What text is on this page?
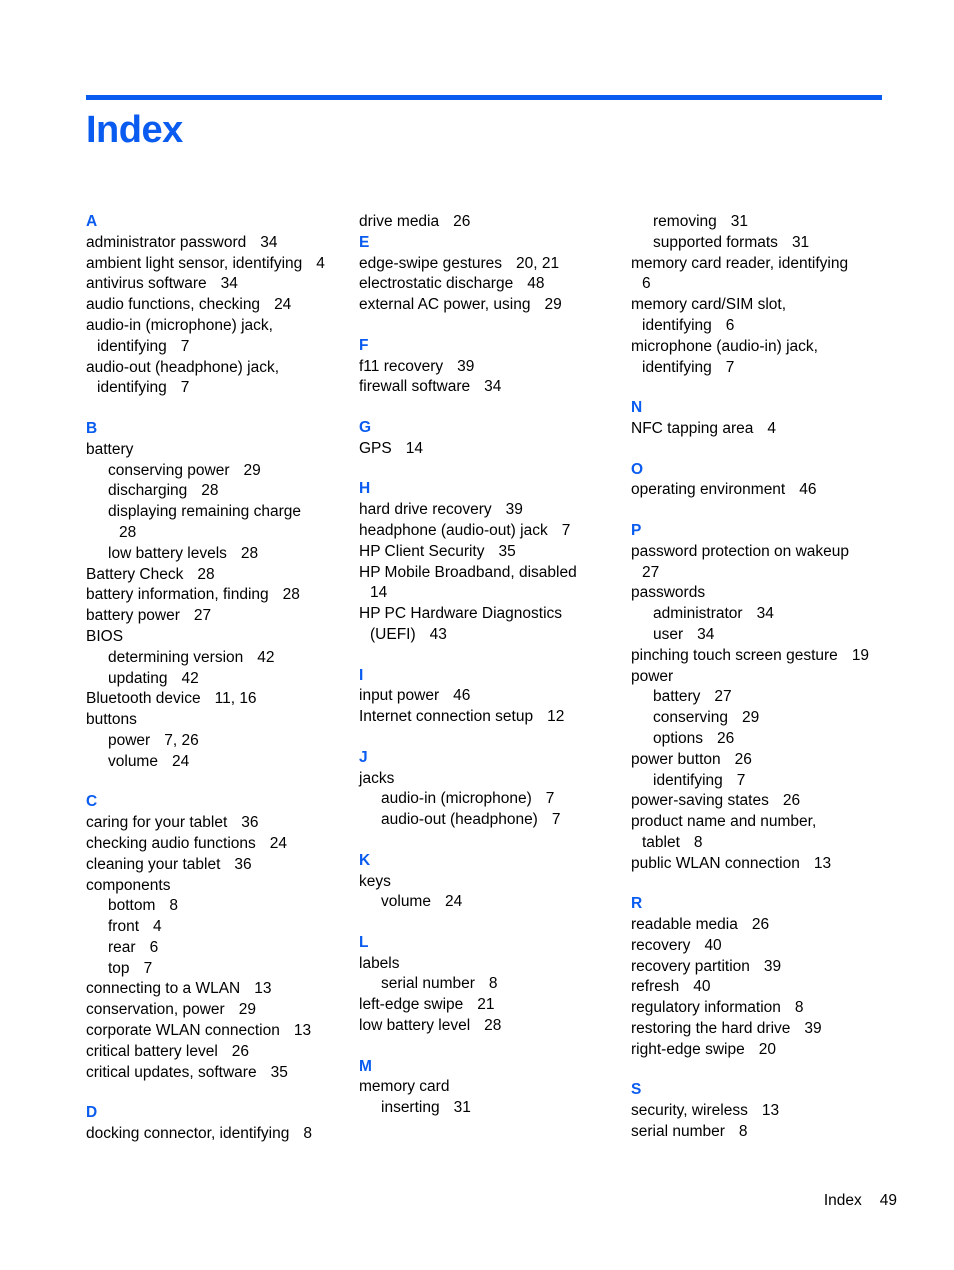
Index
A
administrator password 34
ambient light sensor, identifying 4
antivirus software 34
audio functions, checking 24
audio-in (microphone) jack,
identifying 7
audio-out (headphone) jack,
identifying 7
B
battery
conserving power 29
discharging 28
displaying remaining charge
28
low battery levels 28
Battery Check 28
battery information, finding 28
battery power 27
BIOS
determining version 42
updating 42
Bluetooth device 11, 16
buttons
power 7, 26
volume 24
C
caring for your tablet 36
checking audio functions 24
cleaning your tablet 36
components
bottom 8
front 4
rear 6
top 7
connecting to a WLAN 13
conservation, power 29
corporate WLAN connection 13
critical battery level 26
critical updates, software 35
D
docking connector, identifying 8
drive media 26
E
edge-swipe gestures 20, 21
electrostatic discharge 48
external AC power, using 29
F
f11 recovery 39
firewall software 34
G
GPS 14
H
hard drive recovery 39
headphone (audio-out) jack 7
HP Client Security 35
HP Mobile Broadband, disabled
14
HP PC Hardware Diagnostics
(UEFI) 43
I
input power 46
Internet connection setup 12
J
jacks
audio-in (microphone) 7
audio-out (headphone) 7
K
keys
volume 24
L
labels
serial number 8
left-edge swipe 21
low battery level 28
M
memory card
inserting 31
removing 31
supported formats 31
memory card reader, identifying
6
memory card/SIM slot,
identifying 6
microphone (audio-in) jack,
identifying 7
N
NFC tapping area 4
O
operating environment 46
P
password protection on wakeup
27
passwords
administrator 34
user 34
pinching touch screen gesture 19
power
battery 27
conserving 29
options 26
power button 26
identifying 7
power-saving states 26
product name and number,
tablet 8
public WLAN connection 13
R
readable media 26
recovery 40
recovery partition 39
refresh 40
regulatory information 8
restoring the hard drive 39
right-edge swipe 20
S
security, wireless 13
serial number 8
Index 49
